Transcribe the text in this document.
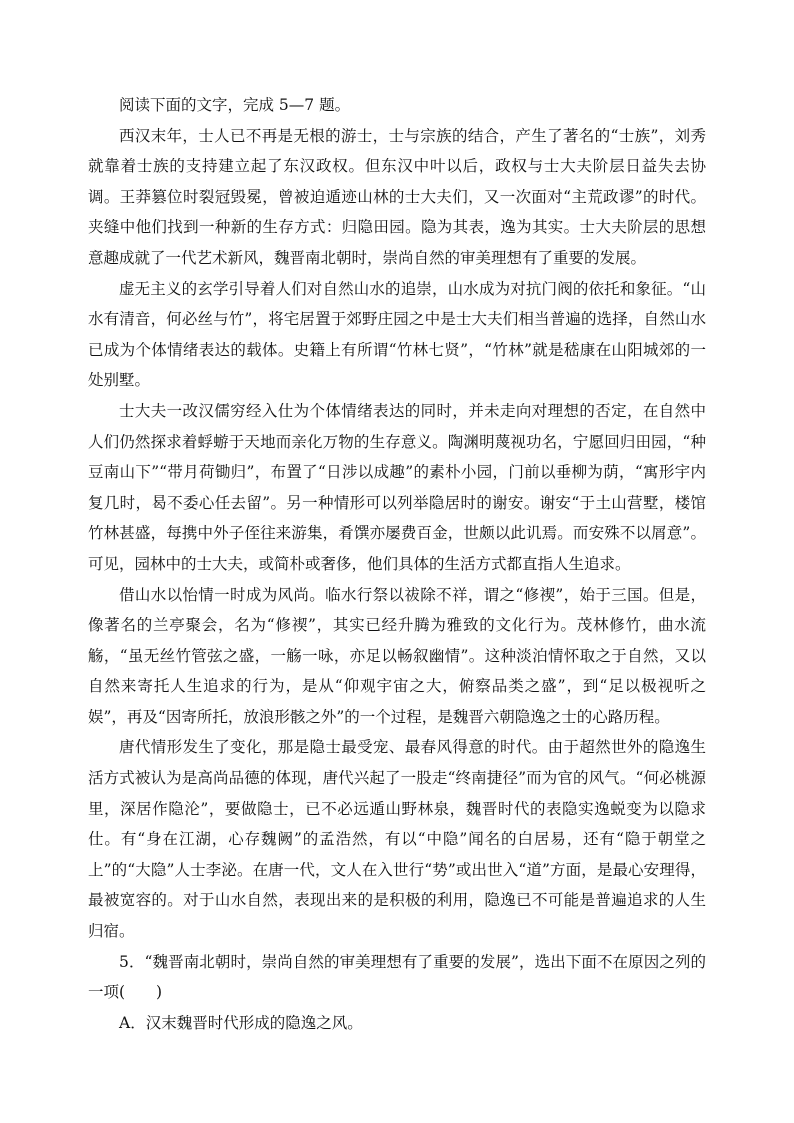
阅读下面的文字，完成 5—7 题。

西汉末年，士人已不再是无根的游士，士与宗族的结合，产生了著名的“士族”，刘秀就靠着士族的支持建立起了东汉政权。但东汉中叶以后，政权与士大夫阶层日益失去协调。王莽篡位时裂冠毁冕，曾被迫遁迹山林的士大夫们，又一次面对“主荒政谬”的时代。夹缝中他们找到一种新的生存方式：归隐田园。隐为其表，逸为其实。士大夫阶层的思想意趣成就了一代艺术新风，魏晋南北朝时，崇尚自然的审美理想有了重要的发展。

虚无主义的玄学引导着人们对自然山水的追崇，山水成为对抗门阀的依托和象征。“山水有清音，何必丝与竹”，将宅居置于郊野庄园之中是士大夫们相当普遍的选择，自然山水已成为个体情绪表达的载体。史籍上有所谓“竹林七贤”，“竹林”就是嵇康在山阳城郊的一处别墅。

士大夫一改汉儒穷经入仕为个体情绪表达的同时，并未走向对理想的否定，在自然中人们仍然探求着蜉蝣于天地而亲化万物的生存意义。陶渊明蔑视功名，宁愿回归田园，“种豆南山下”“带月荷锄归”，布置了“日涉以成趣”的素朴小园，门前以垂柳为荫，“寓形宇内复几时，曷不委心任去留”。另一种情形可以列举隐居时的谢安。谢安“于土山营墅，楼馆竹林甚盛，每携中外子侄往来游集，肴馔亦屡费百金，世颇以此讥焉。而安殊不以屑意”。可见，园林中的士大夫，或简朴或奢侈，他们具体的生活方式都直指人生追求。

借山水以怡情一时成为风尚。临水行祭以祓除不祥，谓之“修禊”，始于三国。但是，像著名的兰亭聚会，名为“修禊”，其实已经升腾为雅致的文化行为。茂林修竹，曲水流觞，“虽无丝竹管弦之盛，一觞一咏，亦足以畅叙幽情”。这种淡泊情怀取之于自然，又以自然来寄托人生追求的行为，是从“仰观宇宙之大，俯察品类之盛”，到“足以极视听之娱”，再及“因寄所托，放浪形骸之外”的一个过程，是魏晋六朝隐逸之士的心路历程。

唐代情形发生了变化，那是隐士最受宠、最春风得意的时代。由于超然世外的隐逸生活方式被认为是高尚品德的体现，唐代兴起了一股走“终南捷径”而为官的风气。“何必桃源里，深居作隐沦”，要做隐士，已不必远遁山野林泉，魏晋时代的表隐实逸蜕变为以隐求仕。有“身在江湖，心存魏阙”的孟浩然，有以“中隐”闻名的白居易，还有“隐于朝堂之上”的“大隐”人士李泌。在唐一代，文人在入世行“势”或出世入“道”方面，是最心安理得，最被宽容的。对于山水自然，表现出来的是积极的利用，隐逸已不可能是普遍追求的人生归宿。

5．“魏晋南北朝时，崇尚自然的审美理想有了重要的发展”，选出下面不在原因之列的一项(　　)

A．汉末魏晋时代形成的隐逸之风。
